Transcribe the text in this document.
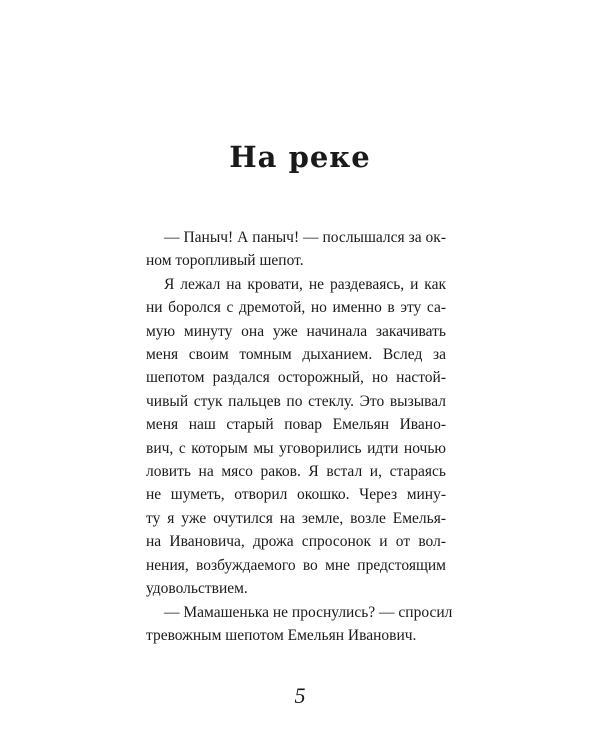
На реке
— Паныч! А паныч! — послышался за ок-
ном торопливый шепот.
Я лежал на кровати, не раздеваясь, и как
ни боролся с дремотой, но именно в эту са-
мую минуту она уже начинала закачивать
меня своим томным дыханием. Вслед за
шепотом раздался осторожный, но настой-
чивый стук пальцев по стеклу. Это вызывал
меня наш старый повар Емельян Ивано-
вич, с которым мы уговорились идти ночью
ловить на мясо раков. Я встал и, стараясь
не шуметь, отворил окошко. Через мину-
ту я уже очутился на земле, возле Емелья-
на Ивановича, дрожа спросонок и от вол-
нения, возбуждаемого во мне предстоящим
удовольствием.
— Мамашенька не проснулись? — спросил
тревожным шепотом Емельян Иванович.
5
